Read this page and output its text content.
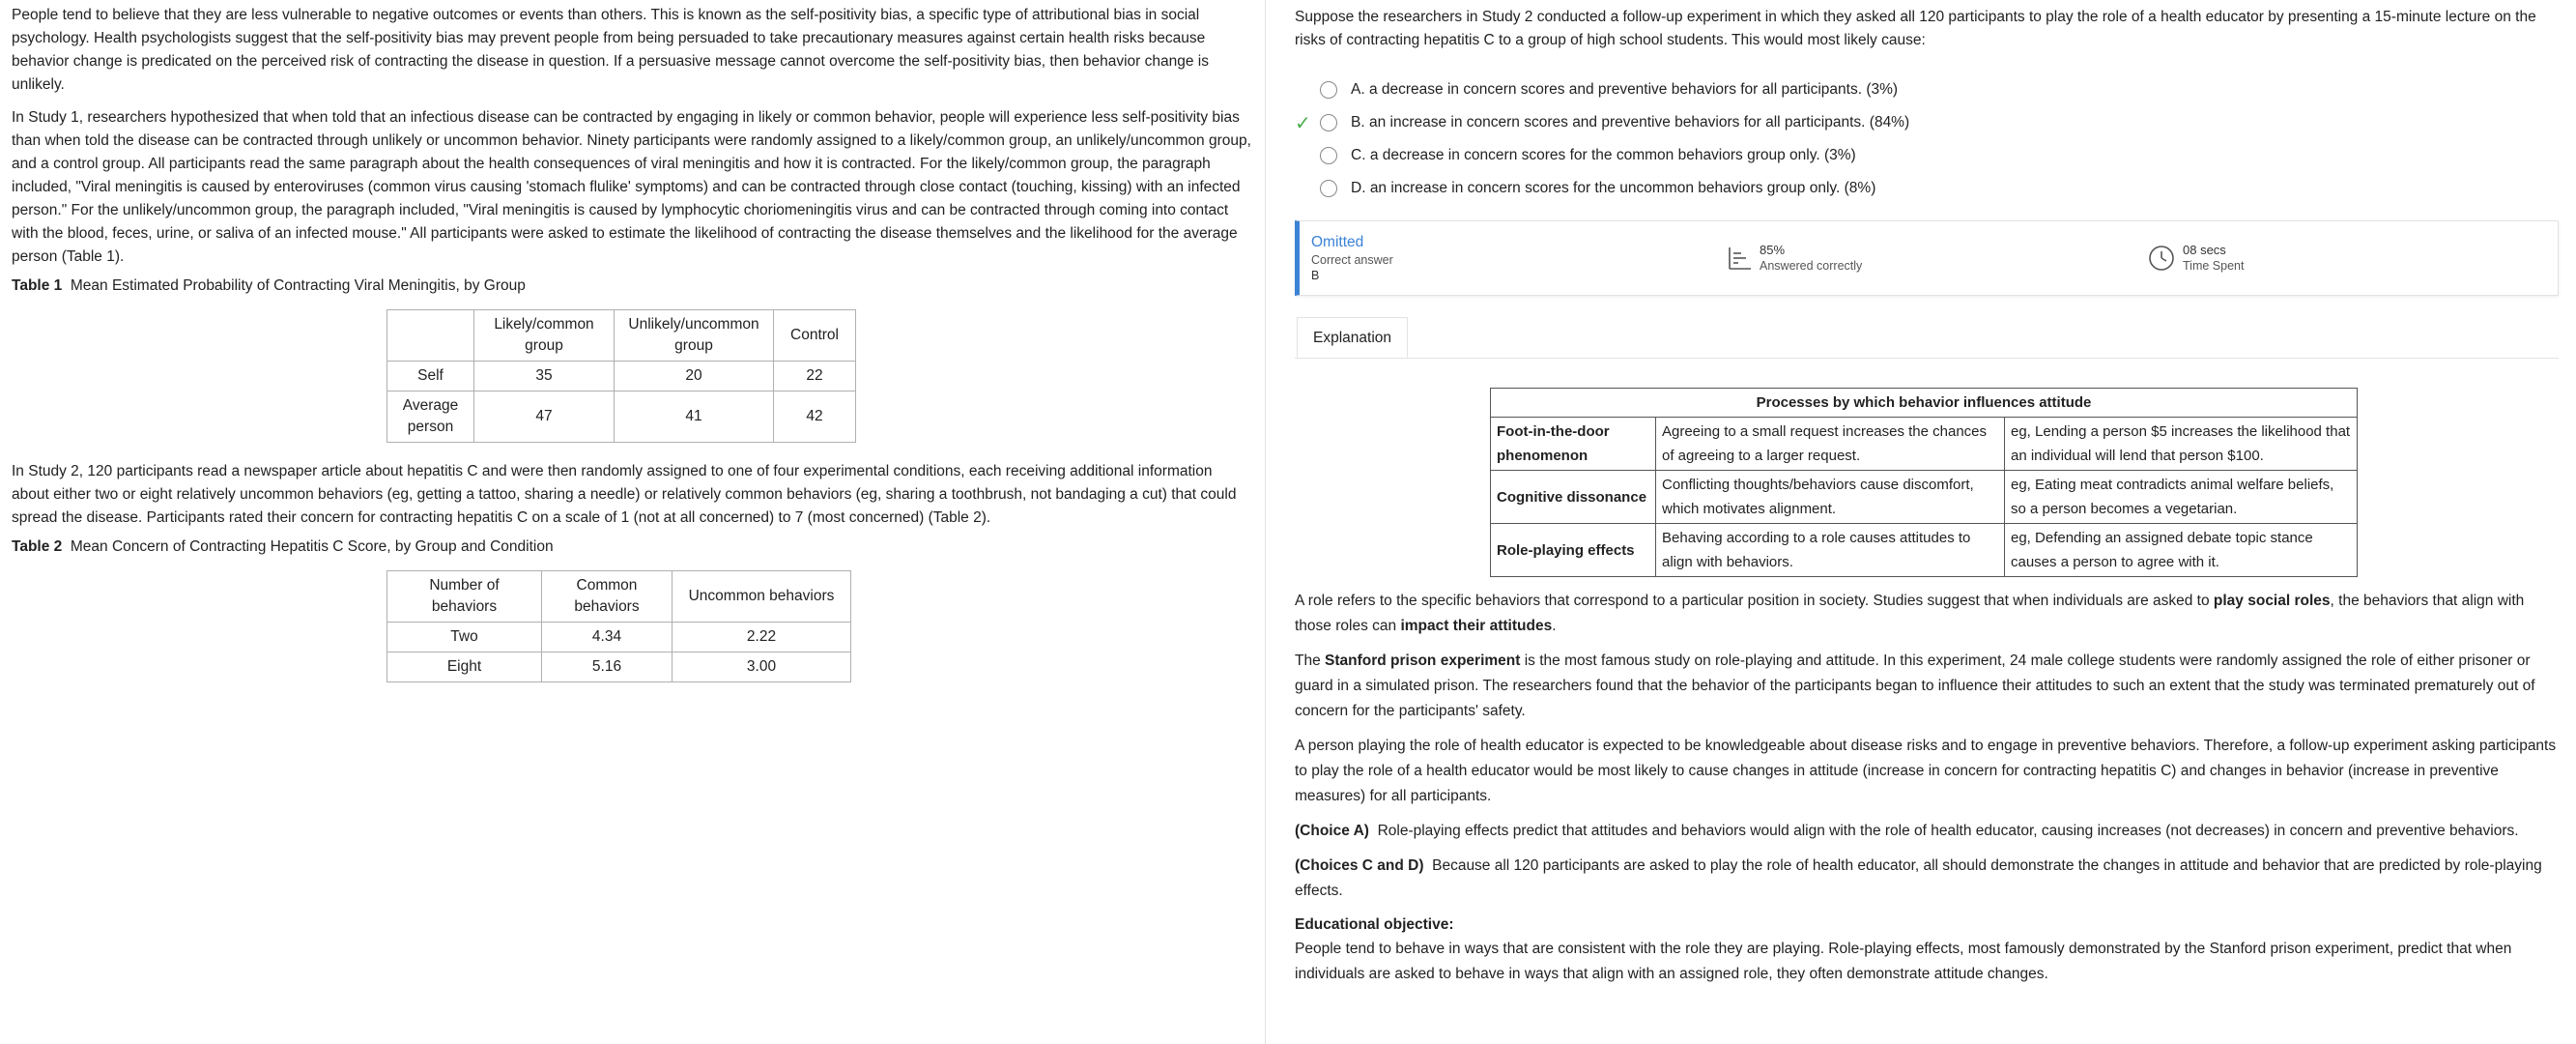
People tend to believe that they are less vulnerable to negative outcomes or events than others. This is known as the self-positivity bias, a specific type of attributional bias in social psychology. Health psychologists suggest that the self-positivity bias may prevent people from being persuaded to take precautionary measures against certain health risks because behavior change is predicated on the perceived risk of contracting the disease in question. If a persuasive message cannot overcome the self-positivity bias, then behavior change is unlikely.

In Study 1, researchers hypothesized that when told that an infectious disease can be contracted by engaging in likely or common behavior, people will experience less self-positivity bias than when told the disease can be contracted through unlikely or uncommon behavior. Ninety participants were randomly assigned to a likely/common group, an unlikely/uncommon group, and a control group. All participants read the same paragraph about the health consequences of viral meningitis and how it is contracted. For the likely/common group, the paragraph included, "Viral meningitis is caused by enteroviruses (common virus causing 'stomach flulike' symptoms) and can be contracted through close contact (touching, kissing) with an infected person." For the unlikely/uncommon group, the paragraph included, "Viral meningitis is caused by lymphocytic choriomeningitis virus and can be contracted through coming into contact with the blood, feces, urine, or saliva of an infected mouse." All participants were asked to estimate the likelihood of contracting the disease themselves and the likelihood for the average person (Table 1).

Table 1 Mean Estimated Probability of Contracting Viral Meningitis, by Group
	Likely/common group	Unlikely/uncommon group	Control
Self	35	20	22
Average person	47	41	42

In Study 2, 120 participants read a newspaper article about hepatitis C and were then randomly assigned to one of four experimental conditions, each receiving additional information about either two or eight relatively uncommon behaviors (eg, getting a tattoo, sharing a needle) or relatively common behaviors (eg, sharing a toothbrush, not bandaging a cut) that could spread the disease. Participants rated their concern for contracting hepatitis C on a scale of 1 (not at all concerned) to 7 (most concerned) (Table 2).

Table 2 Mean Concern of Contracting Hepatitis C Score, by Group and Condition
Number of behaviors	Common behaviors	Uncommon behaviors
Two	4.34	2.22
Eight	5.16	3.00

Suppose the researchers in Study 2 conducted a follow-up experiment in which they asked all 120 participants to play the role of a health educator by presenting a 15-minute lecture on the risks of contracting hepatitis C to a group of high school students. This would most likely cause:

A.
a decrease in concern scores and preventive behaviors for all participants.
(3%)
✓	B.
an increase in concern scores and preventive behaviors for all participants.
(84%)
C.
a decrease in concern scores for the common behaviors group only.
(3%)
D.
an increase in concern scores for the uncommon behaviors group only.
(8%)
Omitted
Correct answer
B
85%
Answered correctly
08 secs
Time Spent
Explanation
Processes by which behavior influences attitude		
Foot-in-the-door phenomenon	Agreeing to a small request increases the chances of agreeing to a larger request.	eg, Lending a person $5 increases the likelihood that an individual will lend that person $100.
Cognitive dissonance	Conflicting thoughts/behaviors cause discomfort, which motivates alignment.	eg, Eating meat contradicts animal welfare beliefs, so a person becomes a vegetarian.
Role-playing effects	Behaving according to a role causes attitudes to align with behaviors.	eg, Defending an assigned debate topic stance causes a person to agree with it.

A role refers to the specific behaviors that correspond to a particular position in society. Studies suggest that when individuals are asked to play social roles, the behaviors that align with those roles can impact their attitudes.

The Stanford prison experiment is the most famous study on role-playing and attitude. In this experiment, 24 male college students were randomly assigned the role of either prisoner or guard in a simulated prison. The researchers found that the behavior of the participants began to influence their attitudes to such an extent that the study was terminated prematurely out of concern for the participants' safety.

A person playing the role of health educator is expected to be knowledgeable about disease risks and to engage in preventive behaviors. Therefore, a follow-up experiment asking participants to play the role of a health educator would be most likely to cause changes in attitude (increase in concern for contracting hepatitis C) and changes in behavior (increase in preventive measures) for all participants.

(Choice A) Role-playing effects predict that attitudes and behaviors would align with the role of health educator, causing increases (not decreases) in concern and preventive behaviors.

(Choices C and D) Because all 120 participants are asked to play the role of health educator, all should demonstrate the changes in attitude and behavior that are predicted by role-playing effects.

Educational objective:

People tend to behave in ways that are consistent with the role they are playing. Role-playing effects, most famously demonstrated by the Stanford prison experiment, predict that when individuals are asked to behave in ways that align with an assigned role, they often demonstrate attitude changes.
